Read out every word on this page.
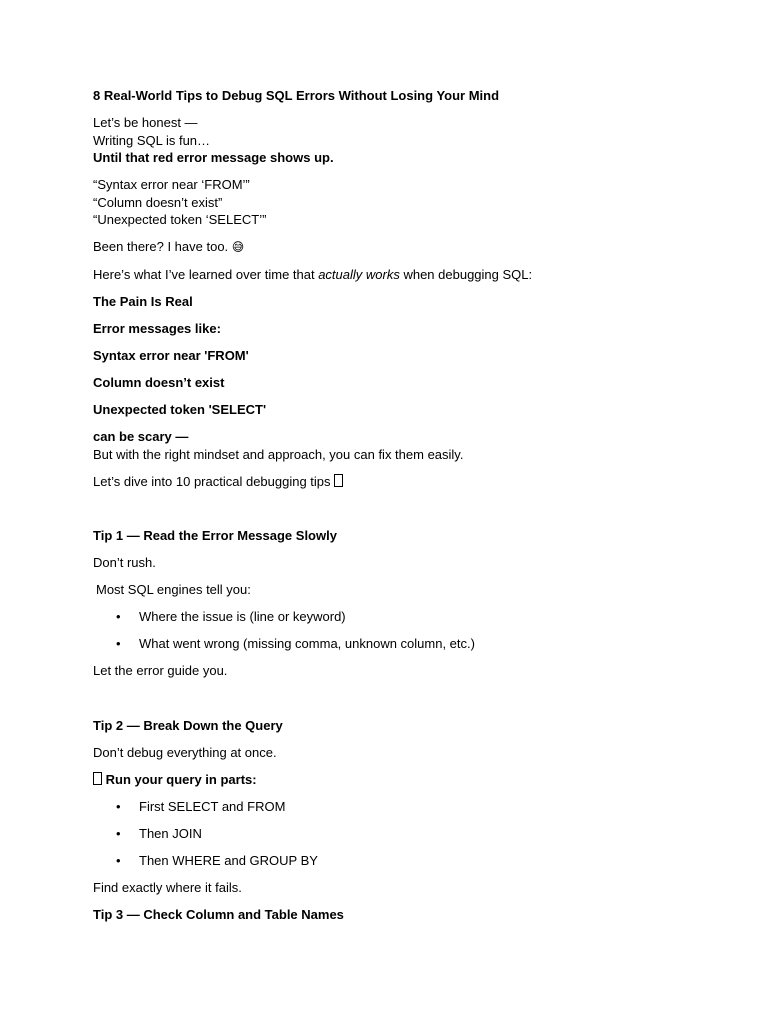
8 Real-World Tips to Debug SQL Errors Without Losing Your Mind

Let’s be honest —

Writing SQL is fun…

Until that red error message shows up.

“Syntax error near ‘FROM’”

“Column doesn’t exist”

“Unexpected token ‘SELECT’”

Been there? I have too. 😅

Here’s what I’ve learned over time that actually works when debugging SQL:

The Pain Is Real

Error messages like:

Syntax error near 'FROM'

Column doesn’t exist

Unexpected token 'SELECT'

can be scary —

But with the right mindset and approach, you can fix them easily.

Let’s dive into 10 practical debugging tips

Tip 1 — Read the Error Message Slowly

Don’t rush.

Most SQL engines tell you:

• Where the issue is (line or keyword)
• What went wrong (missing comma, unknown column, etc.)

Let the error guide you.

Tip 2 — Break Down the Query

Don’t debug everything at once.

Run your query in parts:

• First SELECT and FROM
• Then JOIN
• Then WHERE and GROUP BY

Find exactly where it fails.

Tip 3 — Check Column and Table Names
